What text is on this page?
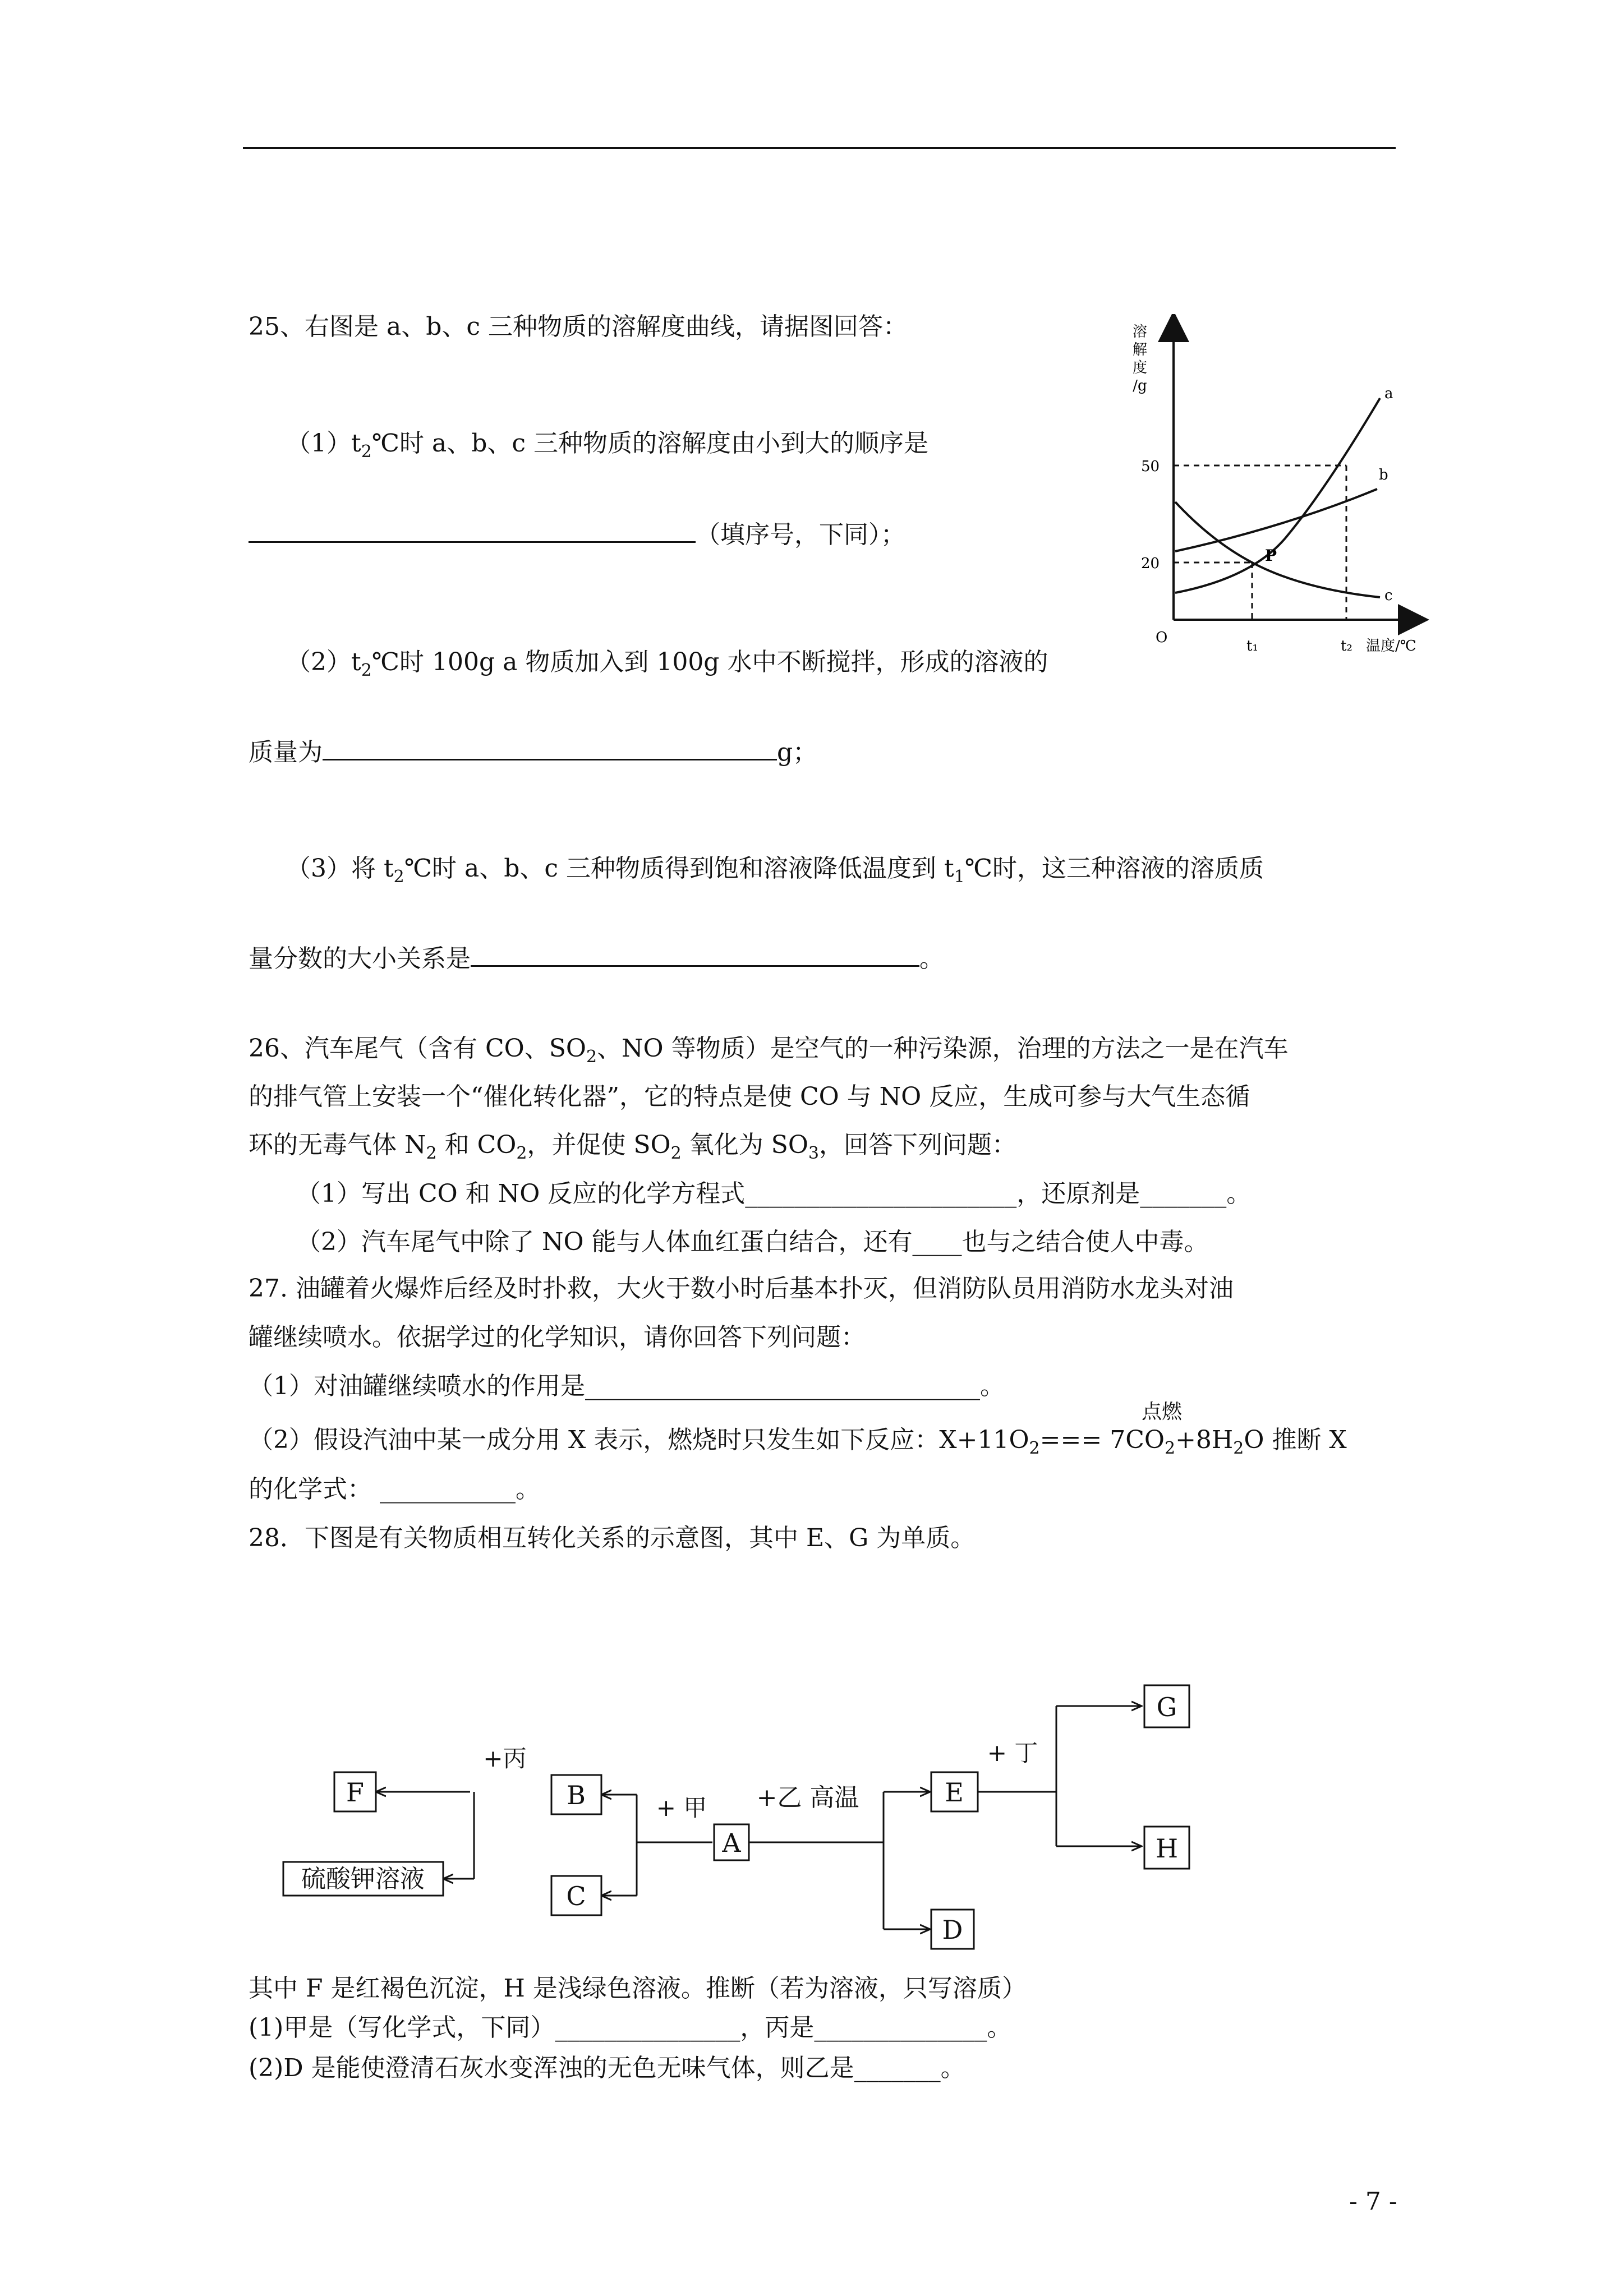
25、右图是 a、b、c 三种物质的溶解度曲线，请据图回答：
$(1)t_2℃$时 a、b、c 三种物质的溶解度由小到大的顺序是
（填序号，下同）；
$(2)t_2℃$时 100g a 物质加入到 100g 水中不断搅拌，形成的溶液的
质量为	g；
（3）将 $t_2℃$时 a、b、c 三种物质得到饱和溶液降低温度到 $t_1℃$时，这三种溶液的溶质质
量分数的大小关系是	。
溶解度/g
50
20
O	t₁	t₂ 温度/℃
a
b
c
P
26、汽车尾气（含有 CO、$SO_2$、NO 等物质）是空气的一种污染源，治理的方法之一是在汽车
的排气管上安装一个“催化转化器”，它的特点是使 CO 与 NO 反应，生成可参与大气生态循
环的无毒气体 $N_2$ 和 $CO_2$，并促使 $SO_2$ 氧化为 $SO_3$，回答下列问题：
（1）写出 CO 和 NO 反应的化学方程式______________________，还原剂是_______。
（2）汽车尾气中除了 NO 能与人体血红蛋白结合，还有____也与之结合使人中毒。
27. 油罐着火爆炸后经及时扑救，大火于数小时后基本扑灭，但消防队员用消防水龙头对油
罐继续喷水。依据学过的化学知识，请你回答下列问题：
（1）对油罐继续喷水的作用是________________________________。
点燃
（2）假设汽油中某一成分用 X 表示，燃烧时只发生如下反应：$X+11O_2=== 7CO_2+8H_2O$ 推断 X
的化学式： ___________。
28．下图是有关物质相互转化关系的示意图，其中 E、G 为单质。
F	B
C
A
E
D
G
H
硫酸钾溶液
+丙
+ 甲 +乙 高温
+ 丁
其中 F 是红褐色沉淀，H 是浅绿色溶液。推断（若为溶液，只写溶质）
(1)甲是（写化学式，下同）_______________，丙是______________。
(2)D 是能使澄清石灰水变浑浊的无色无味气体，则乙是_______。
- 7 -
